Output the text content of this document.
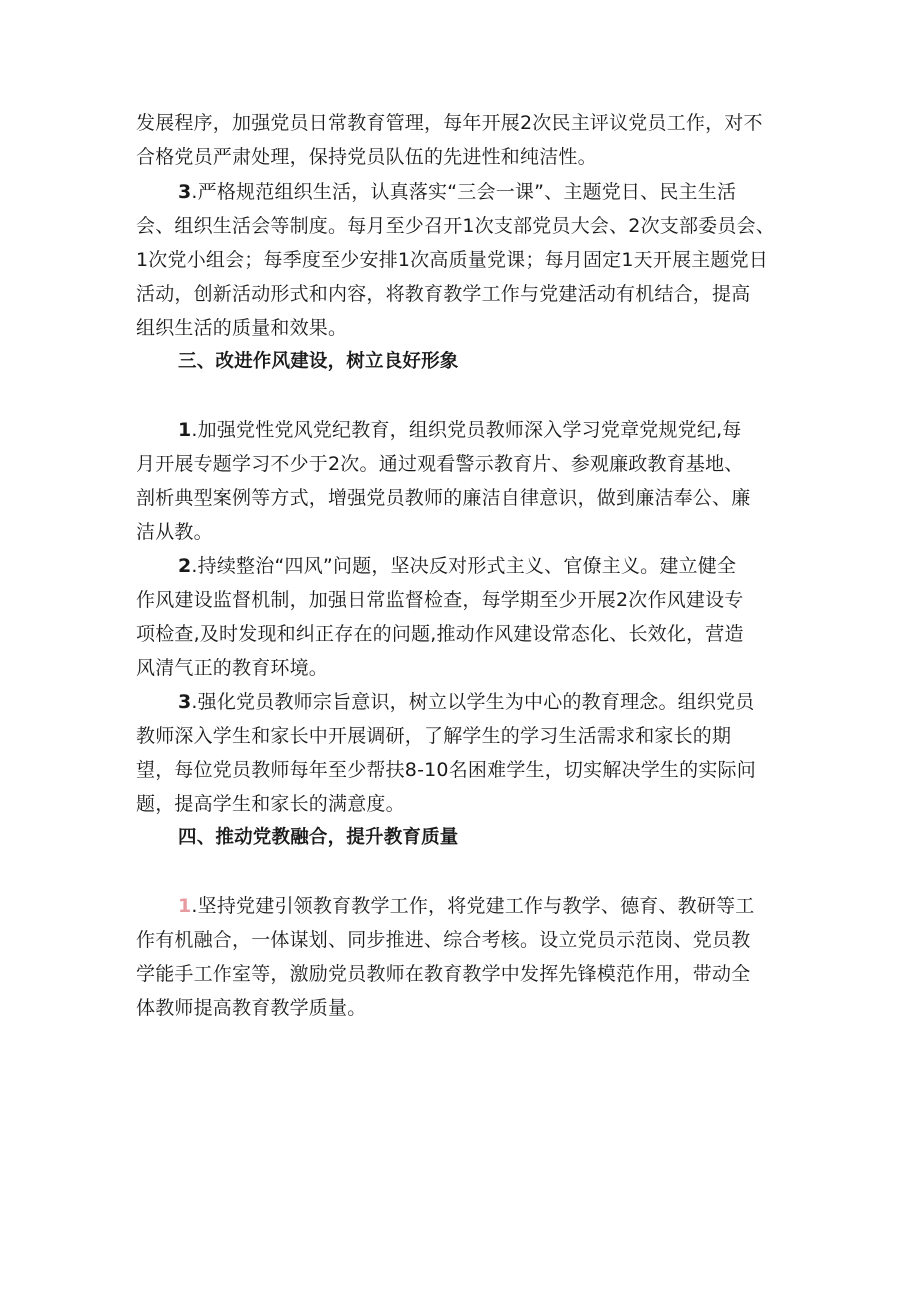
发展程序，加强党员日常教育管理，每年开展2次民主评议党员工作，对不
合格党员严肃处理，保持党员队伍的先进性和纯洁性。
3.严格规范组织生活，认真落实“三会一课”、主题党日、民主生活
会、组织生活会等制度。每月至少召开1次支部党员大会、2次支部委员会、
1次党小组会；每季度至少安排1次高质量党课；每月固定1天开展主题党日
活动，创新活动形式和内容，将教育教学工作与党建活动有机结合，提高
组织生活的质量和效果。
三、改进作风建设，树立良好形象
1.加强党性党风党纪教育，组织党员教师深入学习党章党规党纪,每
月开展专题学习不少于2次。通过观看警示教育片、参观廉政教育基地、
剖析典型案例等方式，增强党员教师的廉洁自律意识，做到廉洁奉公、廉
洁从教。
2.持续整治“四风”问题，坚决反对形式主义、官僚主义。建立健全
作风建设监督机制，加强日常监督检查，每学期至少开展2次作风建设专
项检查,及时发现和纠正存在的问题,推动作风建设常态化、长效化，营造
风清气正的教育环境。
3.强化党员教师宗旨意识，树立以学生为中心的教育理念。组织党员
教师深入学生和家长中开展调研，了解学生的学习生活需求和家长的期
望，每位党员教师每年至少帮扶8-10名困难学生，切实解决学生的实际问
题，提高学生和家长的满意度。
四、推动党教融合，提升教育质量
1.坚持党建引领教育教学工作，将党建工作与教学、德育、教研等工
作有机融合，一体谋划、同步推进、综合考核。设立党员示范岗、党员教
学能手工作室等，激励党员教师在教育教学中发挥先锋模范作用，带动全
体教师提高教育教学质量。
